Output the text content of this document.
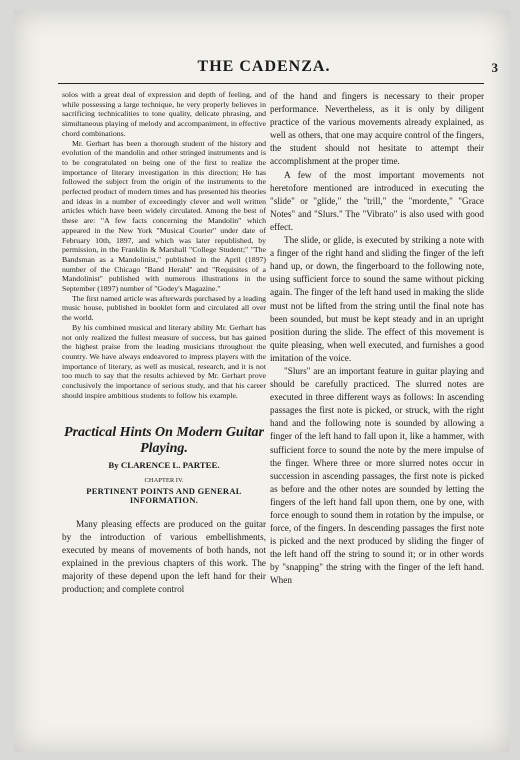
THE CADENZA.	3

solos with a great deal of expression and depth of feeling, and while possessing a large technique, he very properly believes in sacrificing technicalities to tone quality, delicate phrasing, and simultaneous playing of melody and accompaniment, in effective chord combinations.

Mr. Gerhart has been a thorough student of the history and evolution of the mandolin and other stringed instruments and is to be congratulated on being one of the first to realize the importance of literary investigation in this direction; He has followed the subject from the origin of the instruments to the perfected product of modern times and has presented his theories and ideas in a number of exceedingly clever and well written articles which have been widely circulated. Among the best of these are: "A few facts concerning the Mandolin" which appeared in the New York "Musical Courier" under date of February 10th, 1897, and which was later republished, by permission, in the Franklin & Marshall "College Student;" "The Bandsman as a Mandolinist," published in the April (1897) number of the Chicago "Band Herald" and "Requisites of a Mandolinist" published with numerous illustrations in the September (1897) number of "Godey's Magazine."

The first named article was afterwards purchased by a leading music house, published in booklet form and circulated all over the world.

By his combined musical and literary ability Mr. Gerhart has not only realized the fullest measure of success, but has gained the highest praise from the leading musicians throughout the country. We have always endeavored to impress players with the importance of literary, as well as musical, research, and it is not too much to say that the results achieved by Mr. Gerhart prove conclusively the importance of serious study, and that his career should inspire ambitious students to follow his example.

Practical Hints On Modern Guitar Playing.
By CLARENCE L. PARTEE.
CHAPTER IV.
PERTINENT POINTS AND GENERAL INFORMATION.

Many pleasing effects are produced on the guitar by the introduction of various embellishments, executed by means of movements of both hands, not explained in the previous chapters of this work. The majority of these depend upon the left hand for their production; and complete control

of the hand and fingers is necessary to their proper performance. Nevertheless, as it is only by diligent practice of the various movements already explained, as well as others, that one may acquire control of the fingers, the student should not hesitate to attempt their accomplishment at the proper time.

A few of the most important movements not heretofore mentioned are introduced in executing the "slide" or "glide," the "trill," the "mordente," "Grace Notes" and "Slurs." The "Vibrato" is also used with good effect.

The slide, or glide, is executed by striking a note with a finger of the right hand and sliding the finger of the left hand up, or down, the fingerboard to the following note, using sufficient force to sound the same without picking again. The finger of the left hand used in making the slide must not be lifted from the string until the final note has been sounded, but must be kept steady and in an upright position during the slide. The effect of this movement is quite pleasing, when well executed, and furnishes a good imitation of the voice.

"Slurs" are an important feature in guitar playing and should be carefully practiced. The slurred notes are executed in three different ways as follows: In ascending passages the first note is picked, or struck, with the right hand and the following note is sounded by allowing a finger of the left hand to fall upon it, like a hammer, with sufficient force to sound the note by the mere impulse of the finger. Where three or more slurred notes occur in succession in ascending passages, the first note is picked as before and the other notes are sounded by letting the fingers of the left hand fall upon them, one by one, with force enough to sound them in rotation by the impulse, or force, of the fingers. In descending passages the first note is picked and the next produced by sliding the finger of the left hand off the string to sound it; or in other words by "snapping" the string with the finger of the left hand. When
